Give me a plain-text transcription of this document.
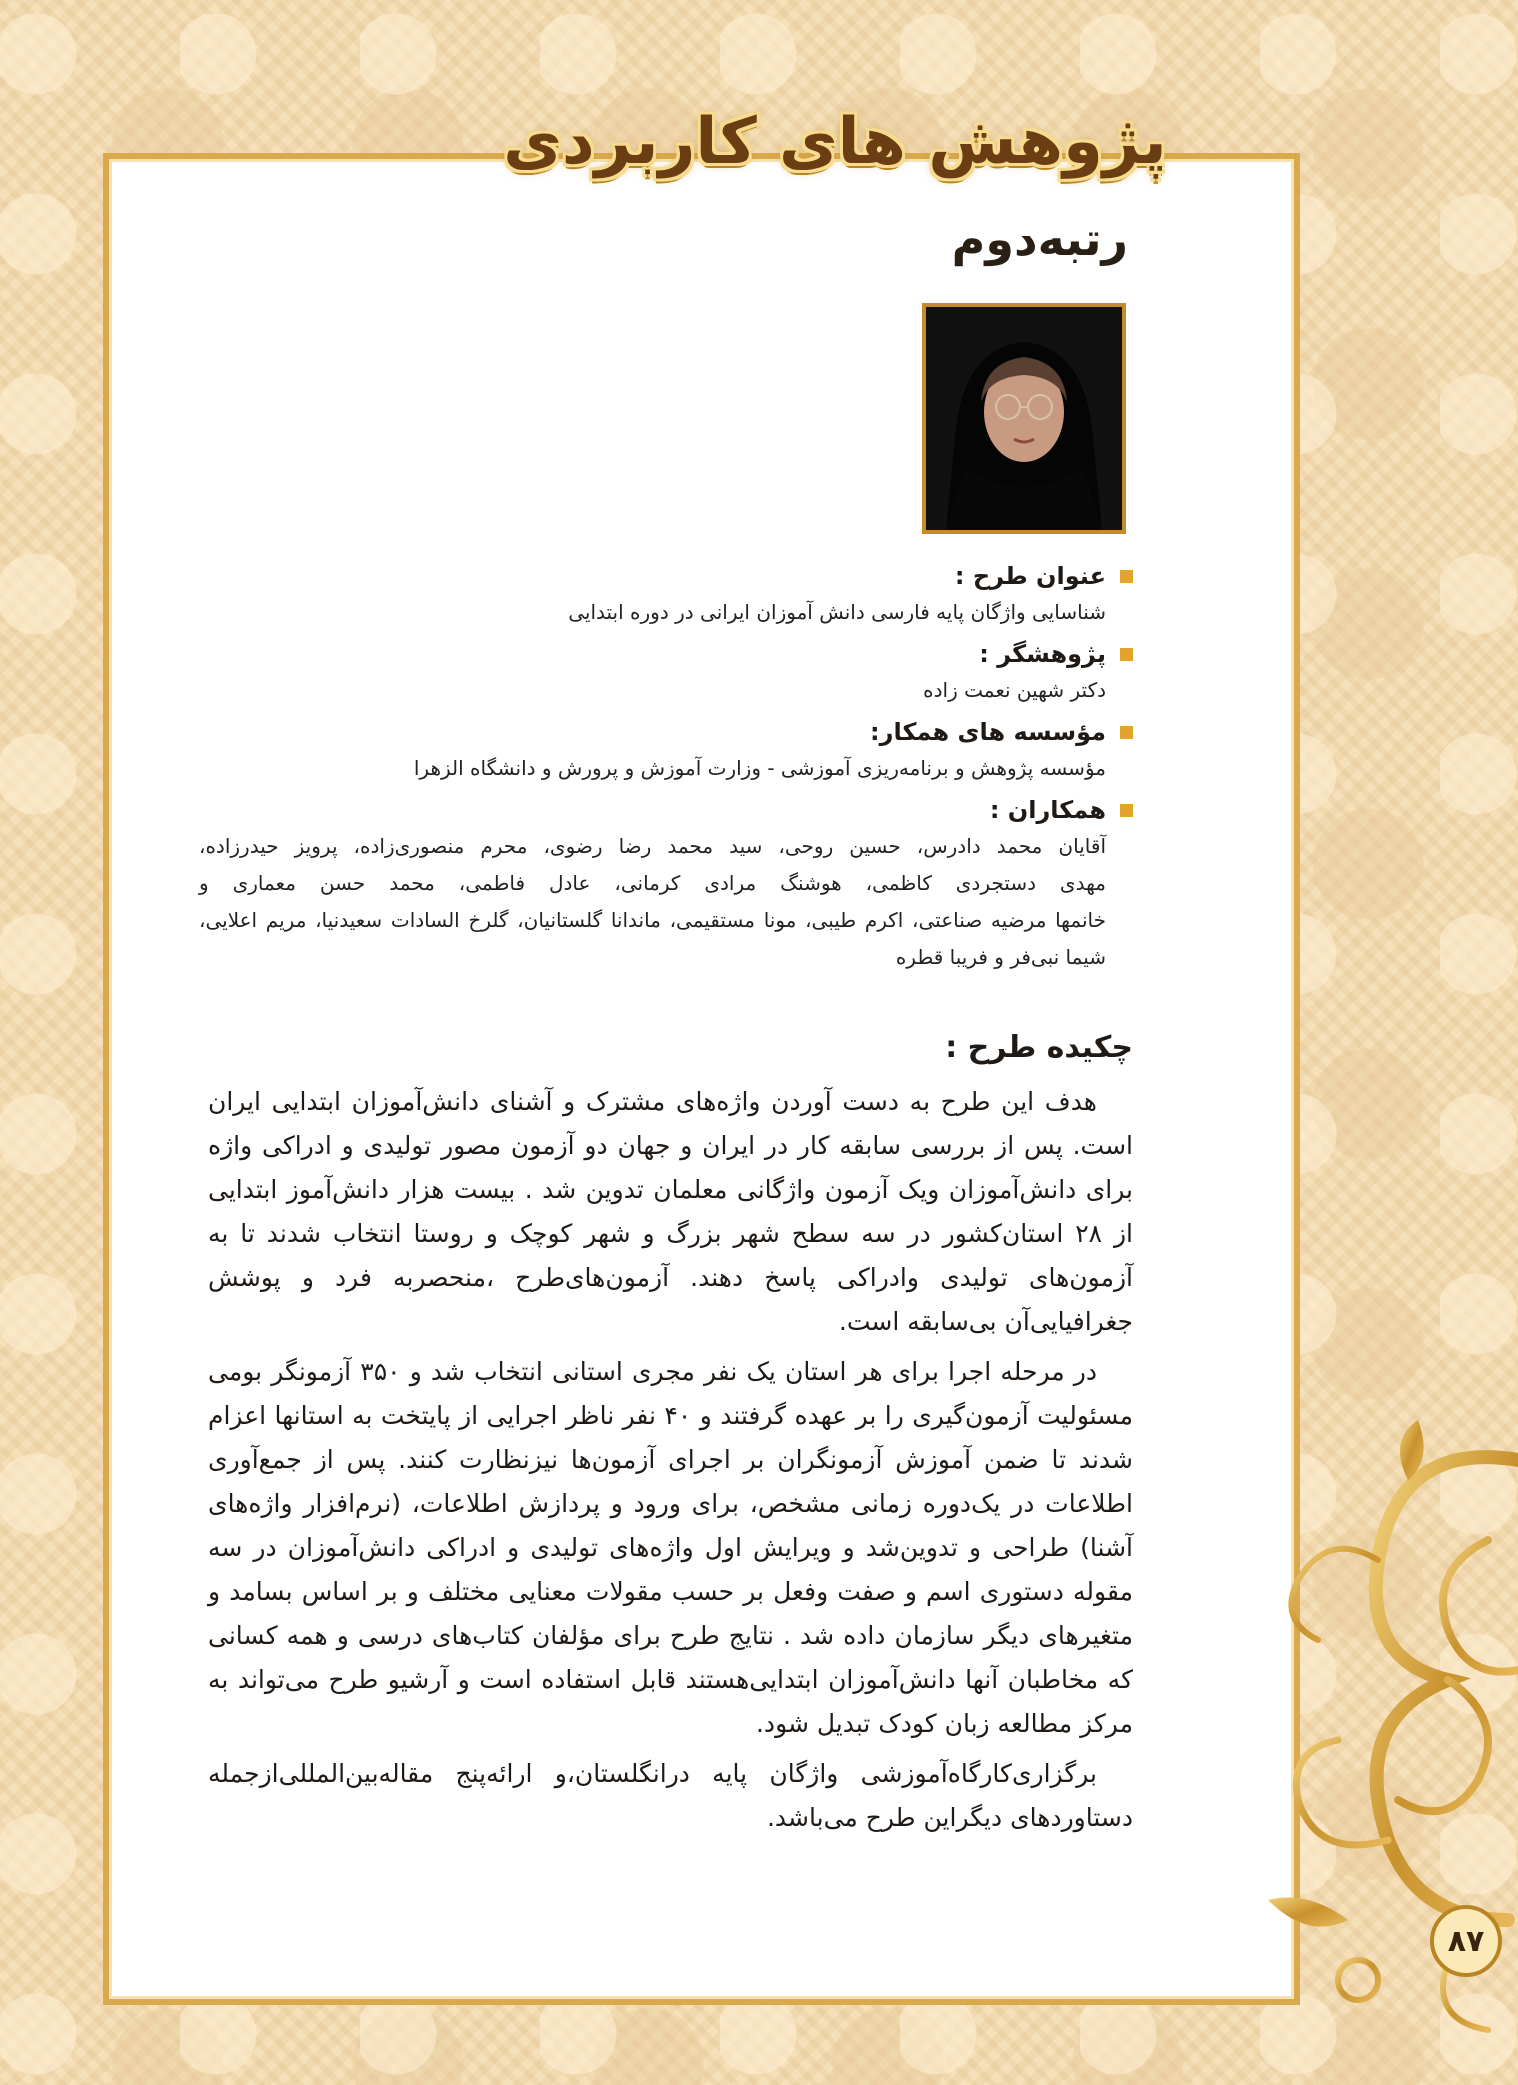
پژوهش های کاربردی
رتبه‌دوم
عنوان طرح :
شناسایی واژگان پایه فارسی دانش آموزان ایرانی در دوره ابتدایی
پژوهشگر :
دکتر شهین نعمت زاده
مؤسسه های همکار:
مؤسسه پژوهش و برنامه‌ریزی آموزشی - وزارت آموزش و پرورش و دانشگاه الزهرا
همکاران :
آقایان محمد دادرس، حسین روحی، سید محمد رضا رضوی، محرم منصوری‌زاده، پرویز حیدرزاده،
مهدی دستجردی کاظمی، هوشنگ مرادی کرمانی، عادل فاطمی، محمد حسن معماری و
خانمها مرضیه صناعتی، اکرم طیبی، مونا مستقیمی، ماندانا گلستانیان، گلرخ السادات سعیدنیا، مریم اعلایی،
شیما نبی‌فر و فریبا قطره
چکیده طرح :

هدف این طرح به دست آوردن واژه‌های مشترک و آشنای دانش‌آموزان ابتدایی ایران است. پس از بررسی سابقه کار در ایران و جهان دو آزمون مصور تولیدی و ادراکی واژه برای دانش‌آموزان ویک آزمون واژگانی معلمان تدوین شد . بیست هزار دانش‌آموز ابتدایی از ۲۸ استان‌کشور در سه سطح شهر بزرگ و شهر کوچک و روستا انتخاب شدند تا به آزمون‌های تولیدی وادراکی پاسخ دهند. آزمون‌های‌طرح ،منحصربه فرد و پوشش جغرافیایی‌آن بی‌سابقه است.

در مرحله اجرا برای هر استان یک نفر مجری استانی انتخاب شد و ۳۵۰ آزمونگر بومی مسئولیت آزمون‌گیری را بر عهده گرفتند و ۴۰ نفر ناظر اجرایی از پایتخت به استانها اعزام شدند تا ضمن آموزش آزمونگران بر اجرای آزمون‌ها نیزنظارت کنند. پس از جمع‌آوری اطلاعات در یک‌دوره زمانی مشخص، برای ورود و پردازش اطلاعات، (نرم‌افزار واژه‌های آشنا) طراحی و تدوین‌شد و ویرایش اول واژه‌های تولیدی و ادراکی دانش‌آموزان در سه مقوله دستوری اسم و صفت وفعل بر حسب مقولات معنایی مختلف و بر اساس بسامد و متغیرهای دیگر سازمان داده شد . نتایج طرح برای مؤلفان کتاب‌های درسی و همه کسانی که مخاطبان آنها دانش‌آموزان ابتدایی‌هستند قابل استفاده است و آرشیو طرح می‌تواند به مرکز مطالعه زبان کودک تبدیل شود.

برگزاری‌کارگاه‌آموزشی واژگان پایه درانگلستان،و ارائه‌پنج مقاله‌بین‌المللی‌ازجمله دستاوردهای دیگراین طرح می‌باشد.

۸۷
